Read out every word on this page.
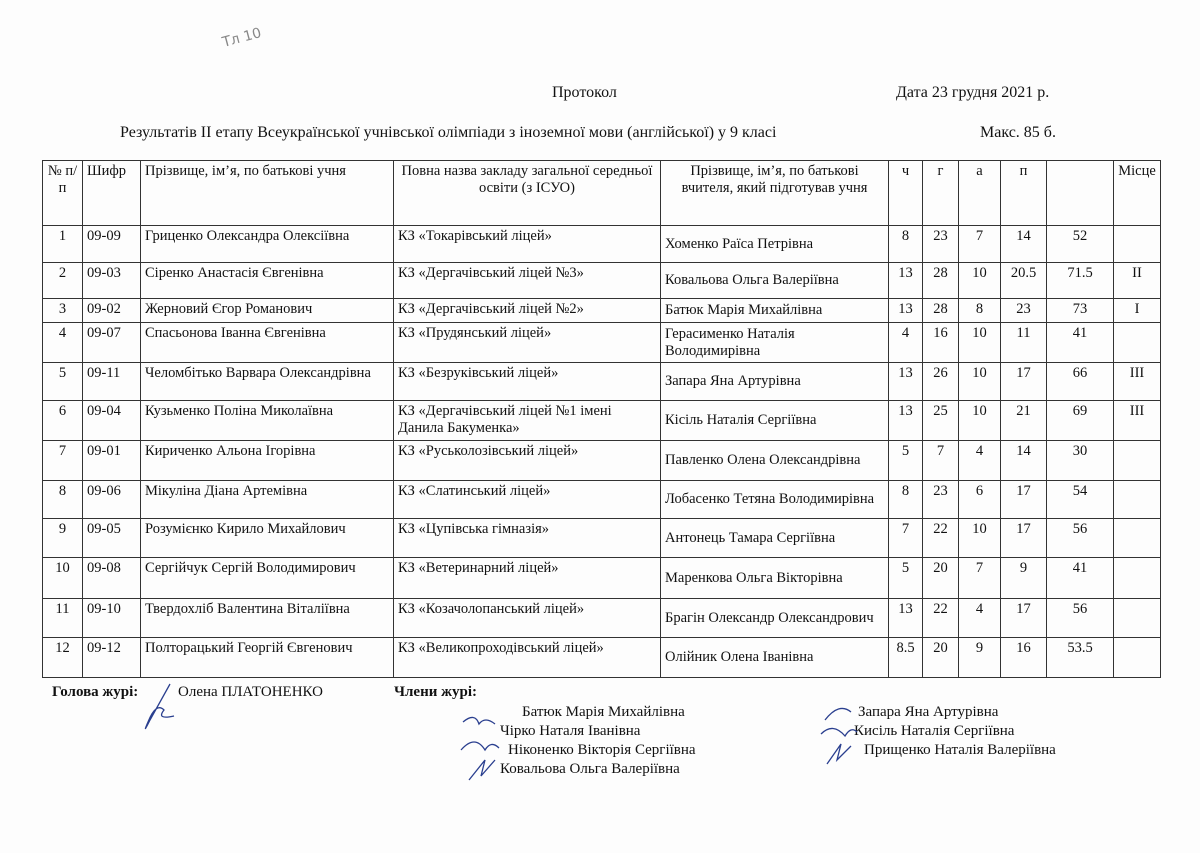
Тл 10
Протокол	Дата 23 грудня 2021 р.
Результатів ІІ етапу Всеукраїнської учнівської олімпіади з іноземної мови (англійської) у 9 класі	Макс. 85 б.
№ п/п	Шифр	Прізвище, ім’я, по батькові учня	Повна назва закладу загальної середньої освіти (з ІСУО)	Прізвище, ім’я, по батькові вчителя, який підготував учня	ч	г	а	п		Місце
1	09-09	Гриценко Олександра Олексіївна	КЗ «Токарівський ліцей»	Хоменко Раїса Петрівна	8	23	7	14	52	
2	09-03	Сіренко Анастасія Євгенівна	КЗ «Дергачівський ліцей №3»	Ковальова Ольга Валеріївна	13	28	10	20.5	71.5	ІІ
3	09-02	Жерновий Єгор Романович	КЗ «Дергачівський ліцей №2»	Батюк Марія Михайлівна	13	28	8	23	73	І
4	09-07	Спасьонова Іванна Євгенівна	КЗ «Прудянський ліцей»	Герасименко Наталія Володимирівна	4	16	10	11	41	
5	09-11	Челомбітько Варвара Олександрівна	КЗ «Безруківський ліцей»	Запара Яна Артурівна	13	26	10	17	66	ІІІ
6	09-04	Кузьменко Поліна Миколаївна	КЗ «Дергачівський ліцей №1 імені Данила Бакуменка»	Кісіль Наталія Сергіївна	13	25	10	21	69	ІІІ
7	09-01	Кириченко Альона Ігорівна	КЗ «Руськолозівський ліцей»	Павленко Олена Олександрівна	5	7	4	14	30	
8	09-06	Мікуліна Діана Артемівна	КЗ «Слатинський ліцей»	Лобасенко Тетяна Володимирівна	8	23	6	17	54	
9	09-05	Розумієнко Кирило Михайлович	КЗ «Цупівська гімназія»	Антонець Тамара Сергіївна	7	22	10	17	56	
10	09-08	Сергійчук Сергій Володимирович	КЗ «Ветеринарний ліцей»	Маренкова Ольга Вікторівна	5	20	7	9	41	
11	09-10	Твердохліб Валентина Віталіївна	КЗ «Козачолопанський ліцей»	Брагін Олександр Олександрович	13	22	4	17	56	
12	09-12	Полторацький Георгій Євгенович	КЗ «Великопроходівський ліцей»	Олійник Олена Іванівна	8.5	20	9	16	53.5	
Голова журі:	Олена ПЛАТОНЕНКО	Члени журі:
Батюк Марія Михайлівна
Чірко Наталя Іванівна
Ніконенко Вікторія Сергіївна
Ковальова Ольга Валеріївна
Запара Яна Артурівна
Кисіль Наталія Сергіївна
Прищенко Наталія Валеріївна
